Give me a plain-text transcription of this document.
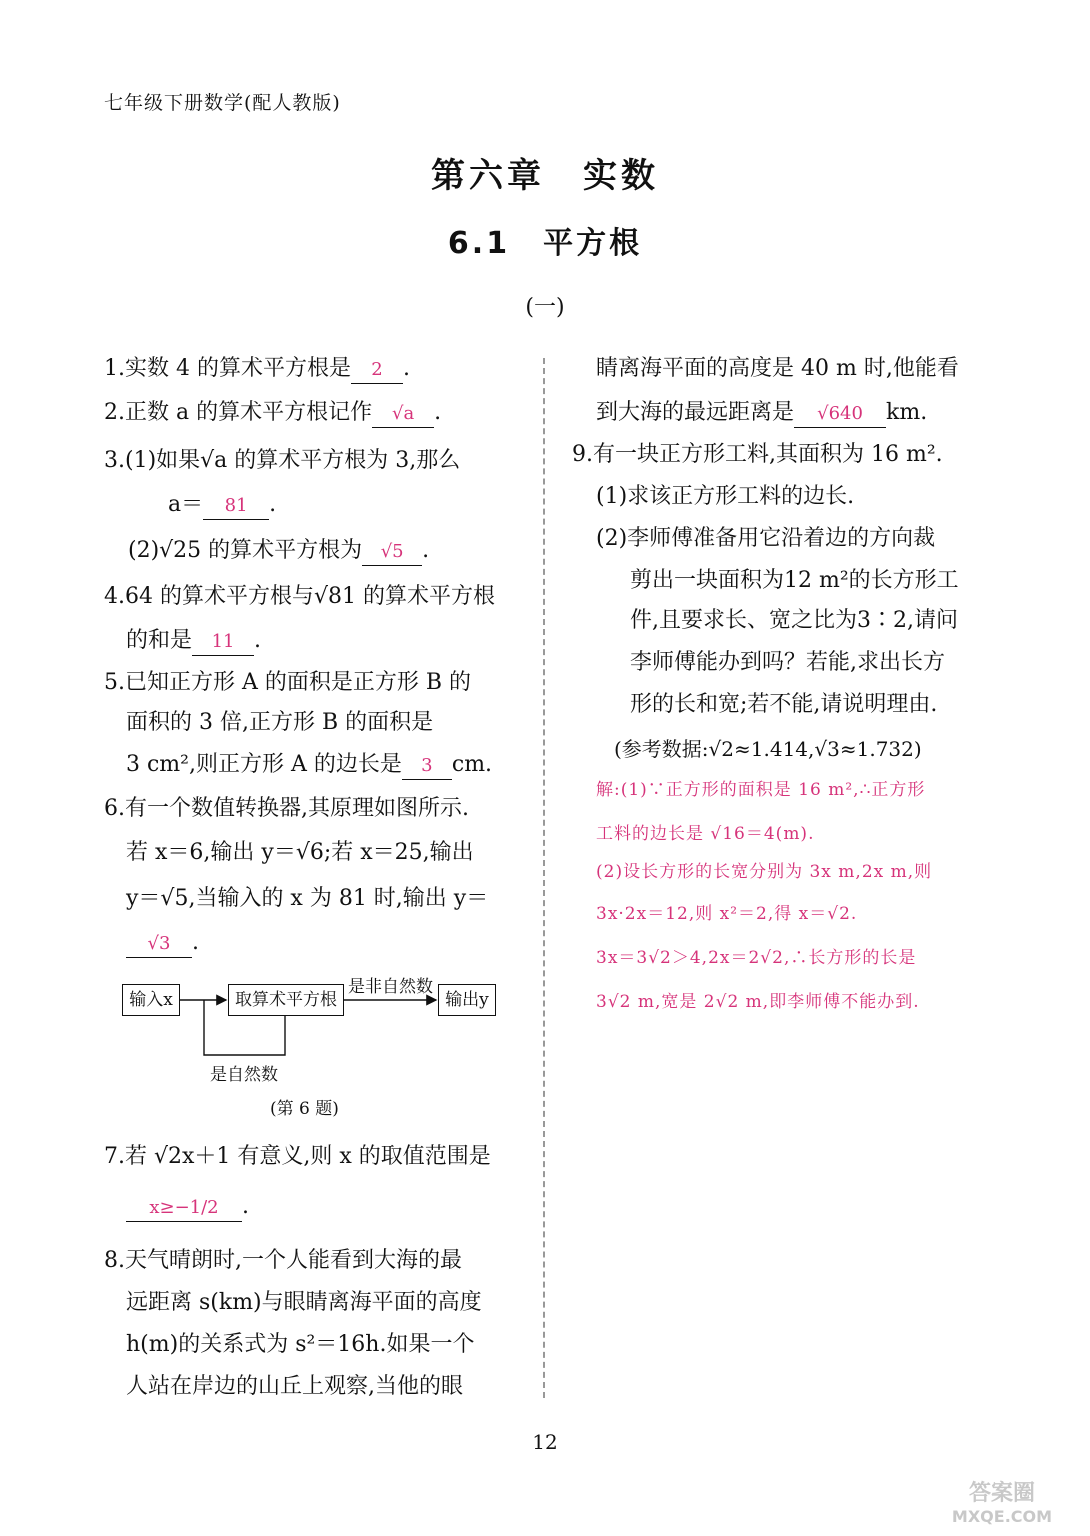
七年级下册数学(配人教版)
第六章　实数
6.1　平方根
(一)
1.实数 4 的算术平方根是 2 .
2.正数 a 的算术平方根记作 √a .
3.(1)如果√a 的算术平方根为 3,那么
a＝ 81 .
(2)√25 的算术平方根为 √5 .
4.64 的算术平方根与√81 的算术平方根
的和是 11 .
5.已知正方形 A 的面积是正方形 B 的
面积的 3 倍,正方形 B 的面积是
3 cm²,则正方形 A 的边长是 3 cm.
6.有一个数值转换器,其原理如图所示.
若 x＝6,输出 y＝√6;若 x＝25,输出
y＝√5,当输入的 x 为 81 时,输出 y＝
√3 .
输入x	取算术平方根	输出y
是非自然数
是自然数
(第 6 题)
7.若 √2x＋1 有意义,则 x 的取值范围是
x≥−1/2 .
8.天气晴朗时,一个人能看到大海的最
远距离 s(km)与眼睛离海平面的高度
h(m)的关系式为 s²＝16h.如果一个
人站在岸边的山丘上观察,当他的眼
睛离海平面的高度是 40 m 时,他能看
到大海的最远距离是 √640 km.
9.有一块正方形工料,其面积为 16 m².
(1)求该正方形工料的边长.
(2)李师傅准备用它沿着边的方向裁
剪出一块面积为12 m²的长方形工
件,且要求长、宽之比为3∶2,请问
李师傅能办到吗？若能,求出长方
形的长和宽;若不能,请说明理由.
(参考数据:√2≈1.414,√3≈1.732)
解:(1)∵正方形的面积是 16 m²,∴正方形
工料的边长是 √16＝4(m).
(2)设长方形的长宽分别为 3x m,2x m,则
3x·2x＝12,则 x²＝2,得 x＝√2.
3x＝3√2＞4,2x＝2√2,∴长方形的长是
3√2 m,宽是 2√2 m,即李师傅不能办到.
12
答案圈
MXQE.COM
